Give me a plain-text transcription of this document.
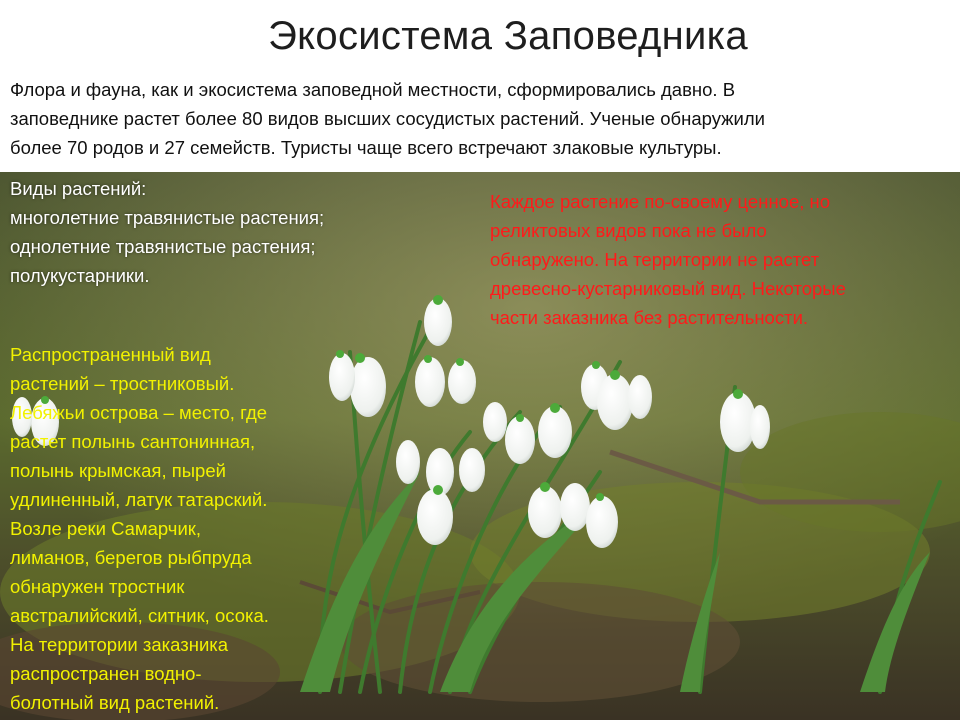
Экосистема Заповедника
Флора и фауна, как и экосистема заповедной местности, сформировались давно. В
заповеднике растет более 80 видов высших сосудистых растений. Ученые обнаружили
более 70 родов и 27 семейств. Туристы чаще всего встречают злаковые культуры.
Виды растений:
многолетние травянистые растения;
однолетние травянистые растения;
полукустарники.
Каждое растение по-своему ценное, но
реликтовых видов пока не было
обнаружено. На территории не растет
древесно-кустарниковый вид. Некоторые
части заказника без растительности.
Распространенный вид
растений – тростниковый.
Лебяжьи острова – место, где
растет полынь сантонинная,
полынь крымская, пырей
удлиненный, латук татарский.
Возле реки Самарчик,
лиманов, берегов рыбпруда
обнаружен тростник
австралийский, ситник, осока.
На территории заказника
распространен водно-
болотный вид растений.
